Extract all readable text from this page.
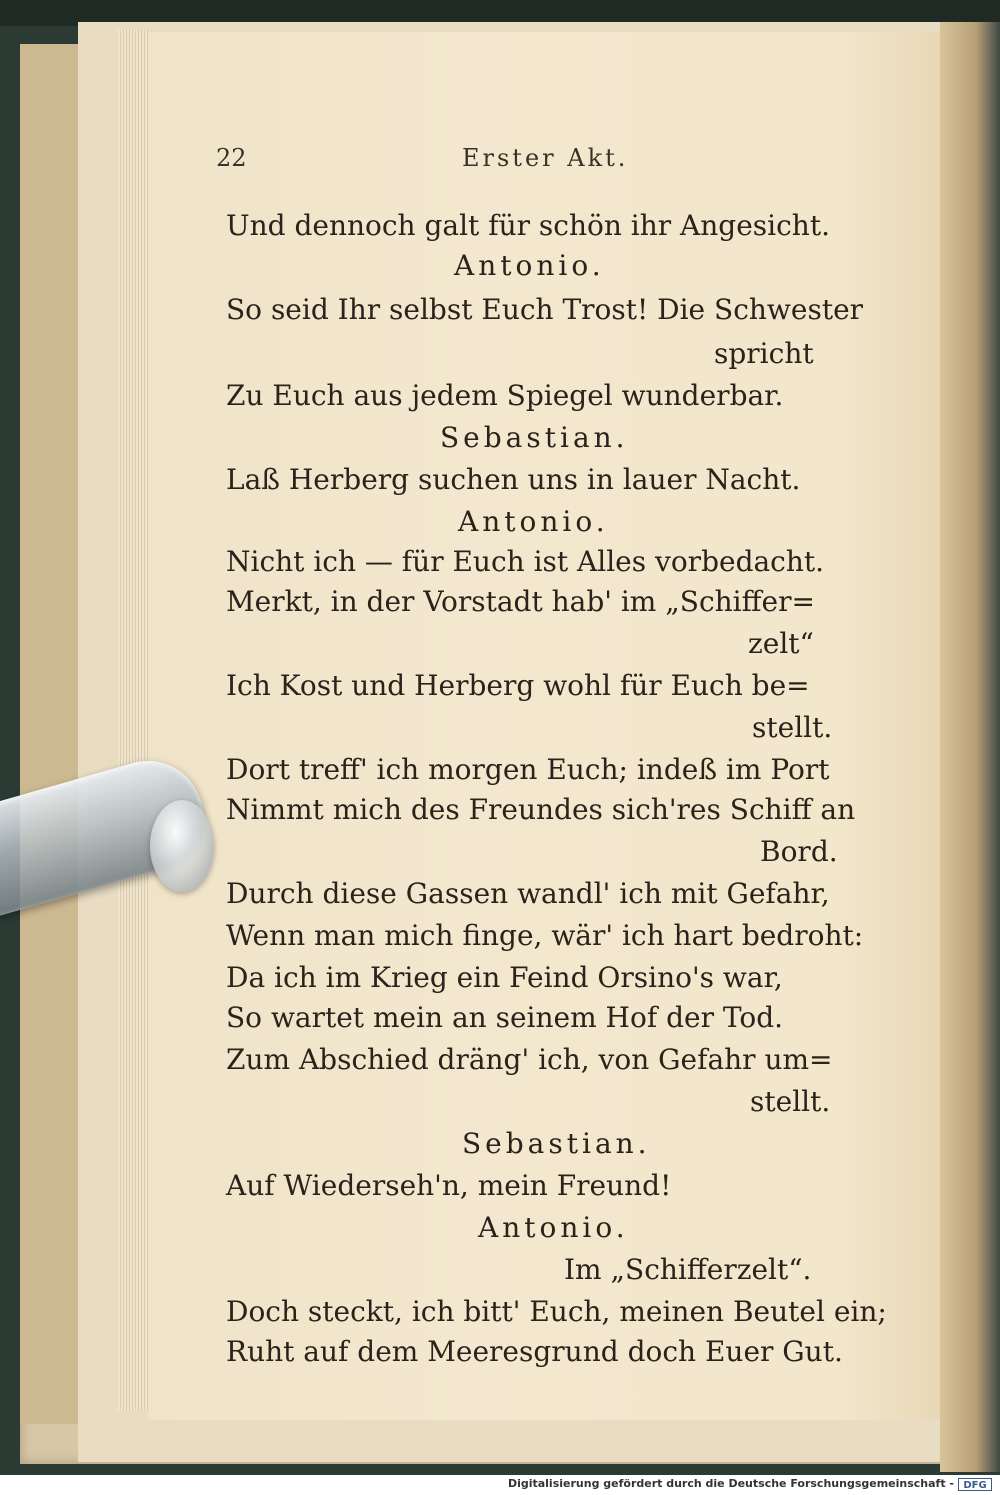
22	Erster Akt.
Und dennoch galt für schön ihr Angesicht.
Antonio.
So seid Ihr selbst Euch Trost! Die Schwester
spricht
Zu Euch aus jedem Spiegel wunderbar.
Sebastian.
Laß Herberg suchen uns in lauer Nacht.
Antonio.
Nicht ich — für Euch ist Alles vorbedacht.
Merkt, in der Vorstadt hab' im „Schiffer=
zelt“
Ich Kost und Herberg wohl für Euch be=
stellt.
Dort treff' ich morgen Euch; indeß im Port
Nimmt mich des Freundes sich'res Schiff an
Bord.
Durch diese Gassen wandl' ich mit Gefahr,
Wenn man mich finge, wär' ich hart bedroht:
Da ich im Krieg ein Feind Orsino's war,
So wartet mein an seinem Hof der Tod.
Zum Abschied dräng' ich, von Gefahr um=
stellt.
Sebastian.
Auf Wiederseh'n, mein Freund!
Antonio.
Im „Schifferzelt“.
Doch steckt, ich bitt' Euch, meinen Beutel ein;
Ruht auf dem Meeresgrund doch Euer Gut.
Digitalisierung gefördert durch die Deutsche Forschungsgemeinschaft - DFG
